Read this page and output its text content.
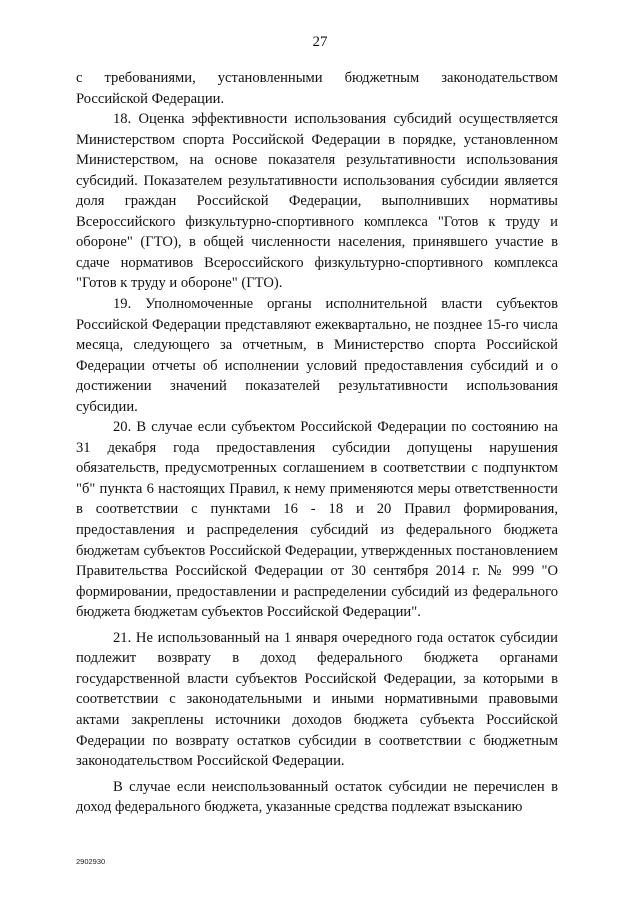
27

с требованиями, установленными бюджетным законодательством Российской Федерации.

18. Оценка эффективности использования субсидий осуществляется Министерством спорта Российской Федерации в порядке, установленном Министерством, на основе показателя результативности использования субсидий. Показателем результативности использования субсидии является доля граждан Российской Федерации, выполнивших нормативы Всероссийского физкультурно-спортивного комплекса "Готов к труду и обороне" (ГТО), в общей численности населения, принявшего участие в сдаче нормативов Всероссийского физкультурно-спортивного комплекса "Готов к труду и обороне" (ГТО).

19. Уполномоченные органы исполнительной власти субъектов Российской Федерации представляют ежеквартально, не позднее 15-го числа месяца, следующего за отчетным, в Министерство спорта Российской Федерации отчеты об исполнении условий предоставления субсидий и о достижении значений показателей результативности использования субсидии.

20. В случае если субъектом Российской Федерации по состоянию на 31 декабря года предоставления субсидии допущены нарушения обязательств, предусмотренных соглашением в соответствии с подпунктом "б" пункта 6 настоящих Правил, к нему применяются меры ответственности в соответствии с пунктами 16 - 18 и 20 Правил формирования, предоставления и распределения субсидий из федерального бюджета бюджетам субъектов Российской Федерации, утвержденных постановлением Правительства Российской Федерации от 30 сентября 2014 г. № 999 "О формировании, предоставлении и распределении субсидий из федерального бюджета бюджетам субъектов Российской Федерации".

21. Не использованный на 1 января очередного года остаток субсидии подлежит возврату в доход федерального бюджета органами государственной власти субъектов Российской Федерации, за которыми в соответствии с законодательными и иными нормативными правовыми актами закреплены источники доходов бюджета субъекта Российской Федерации по возврату остатков субсидии в соответствии с бюджетным законодательством Российской Федерации.

В случае если неиспользованный остаток субсидии не перечислен в доход федерального бюджета, указанные средства подлежат взысканию

2902930
